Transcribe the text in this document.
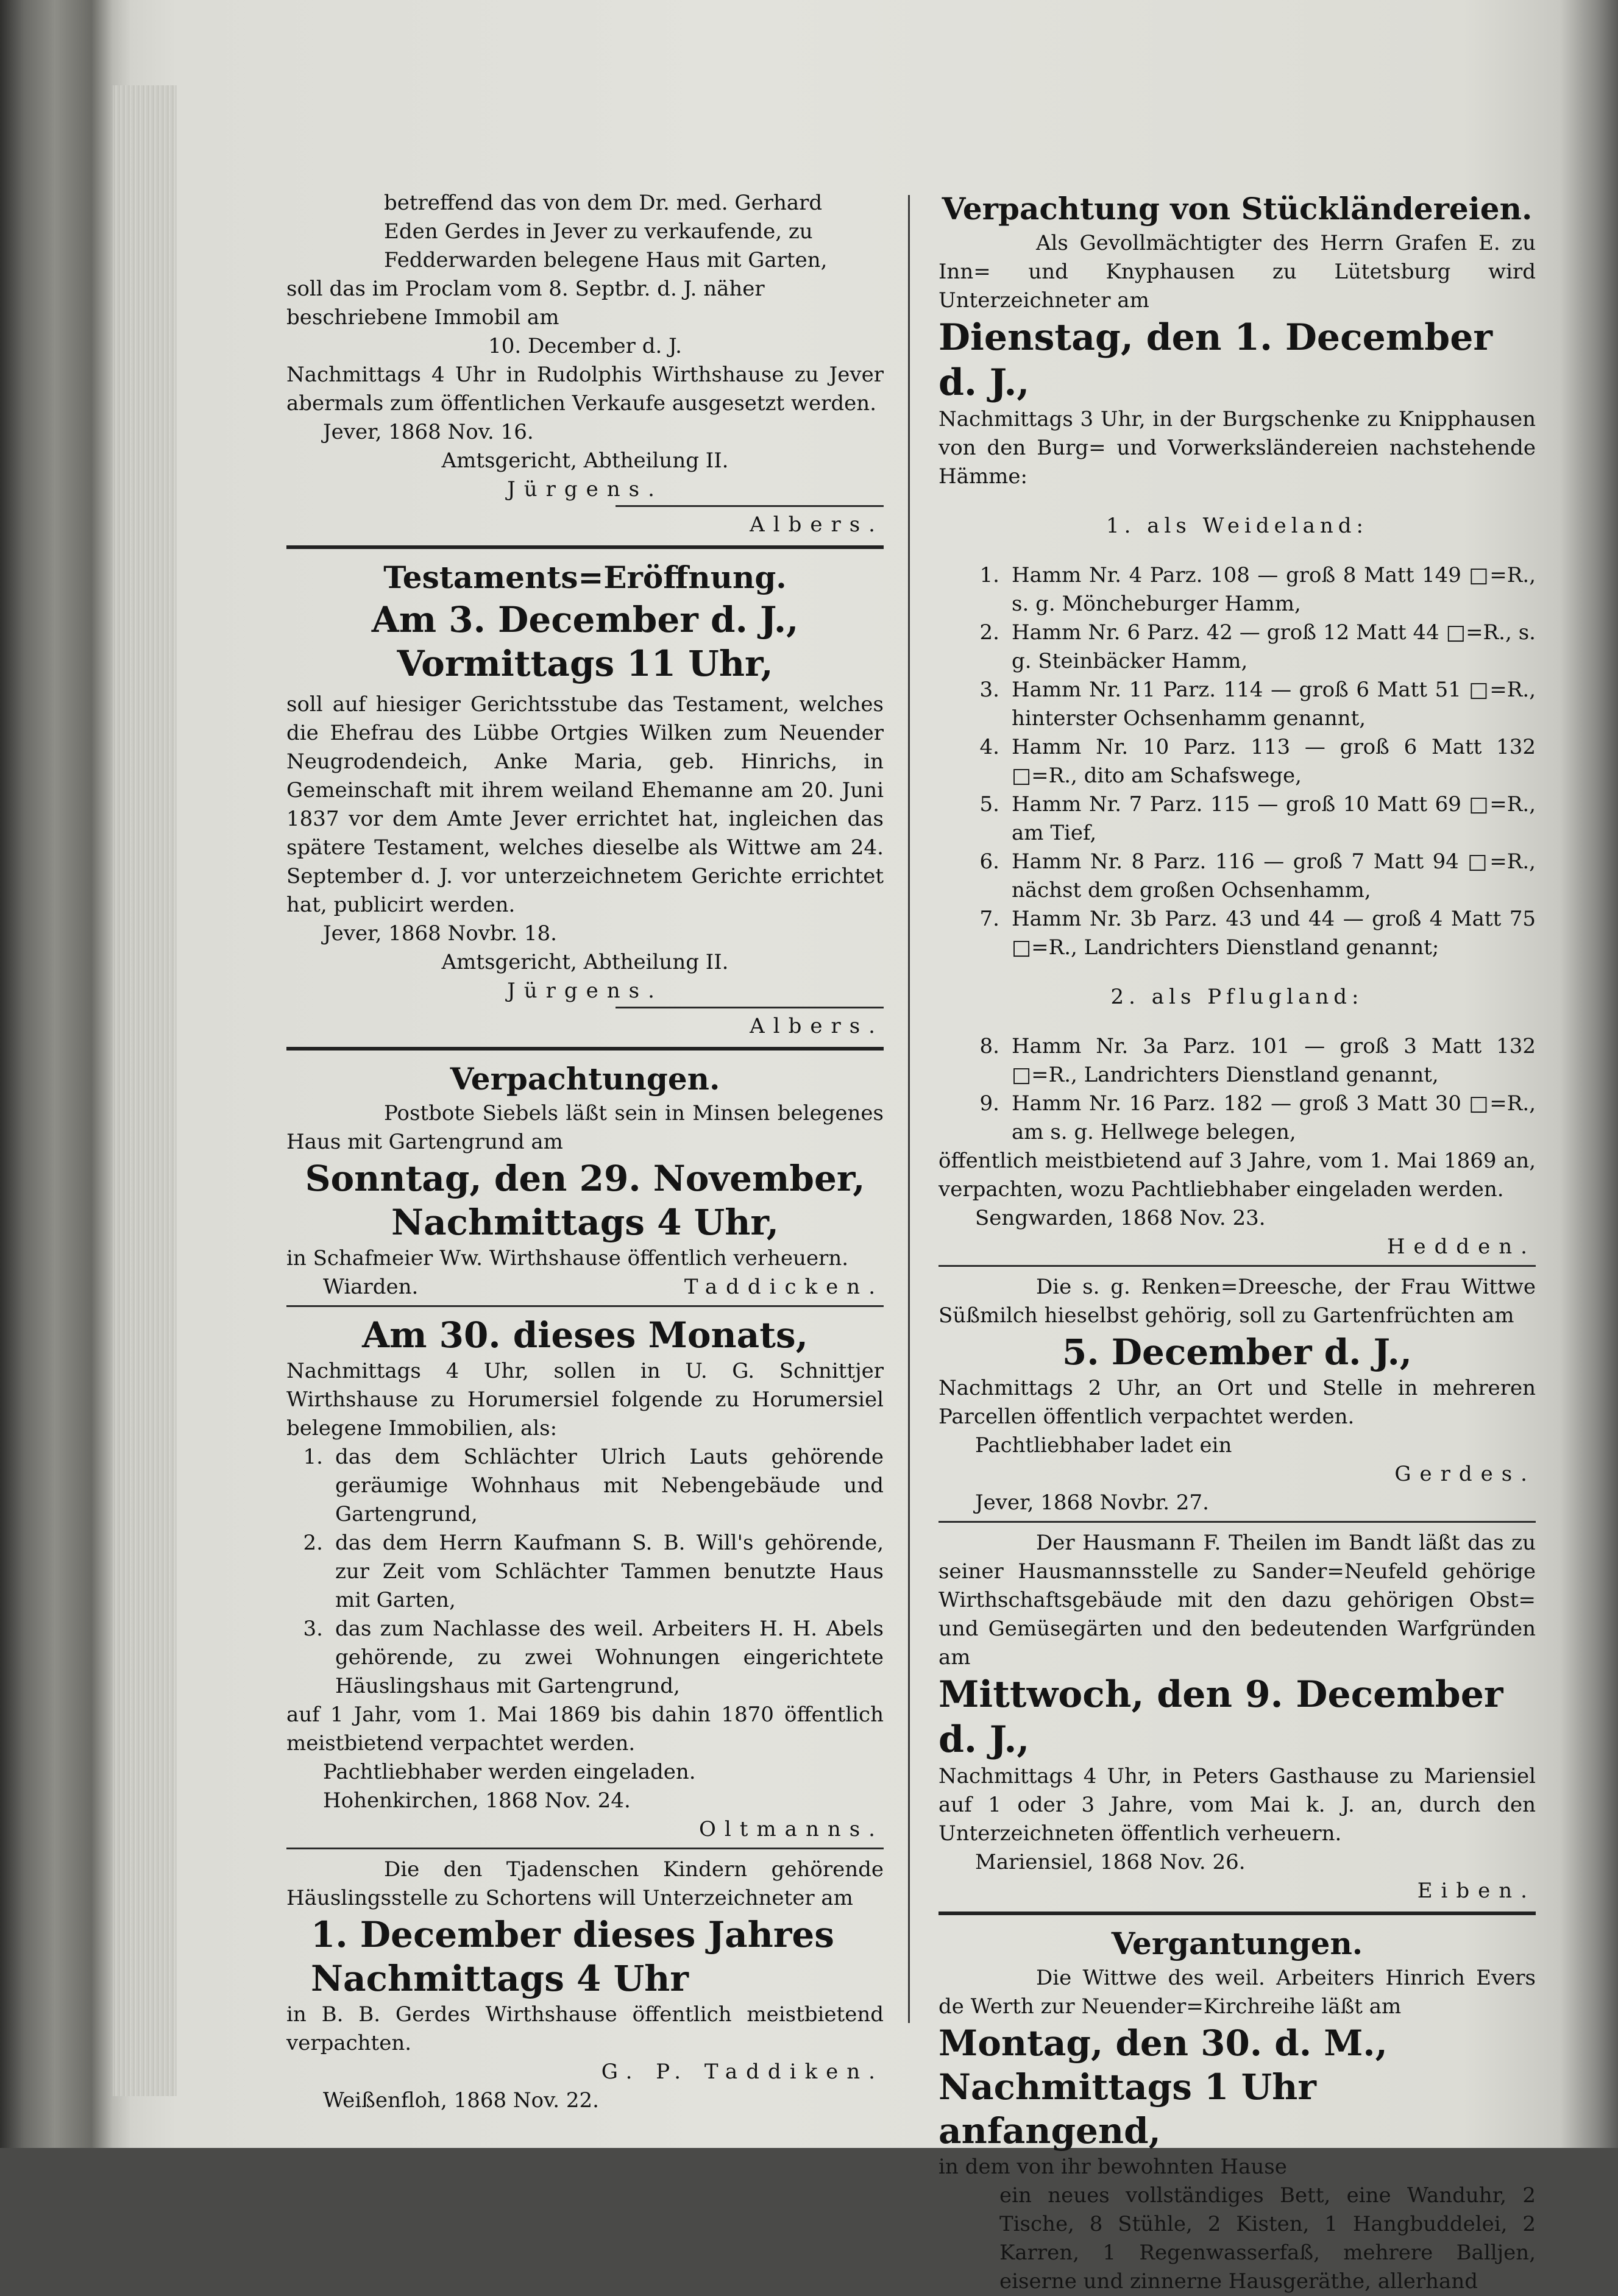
betreffend das von dem Dr. med. Gerhard

Eden Gerdes in Jever zu verkaufende, zu

Fedderwarden belegene Haus mit Garten,

soll das im Proclam vom 8. Septbr. d. J. näher

beschriebene Immobil am

10. December d. J.

Nachmittags 4 Uhr in Rudolphis Wirthshause zu Jever abermals zum öffentlichen Verkaufe ausgesetzt werden.

Jever, 1868 Nov. 16.

Amtsgericht, Abtheilung II.

Jürgens.

Albers.

Testaments=Eröffnung.

Am 3. December d. J.,

Vormittags 11 Uhr,

soll auf hiesiger Gerichtsstube das Testament, welches die Ehefrau des Lübbe Ortgies Wilken zum Neuender Neugrodendeich, Anke Maria, geb. Hinrichs, in Gemeinschaft mit ihrem weiland Ehemanne am 20. Juni 1837 vor dem Amte Jever errichtet hat, ingleichen das spätere Testament, welches dieselbe als Wittwe am 24. September d. J. vor unterzeichnetem Gerichte errichtet hat, publicirt werden.

Jever, 1868 Novbr. 18.

Amtsgericht, Abtheilung II.

Jürgens.

Albers.

Verpachtungen.

Postbote Siebels läßt sein in Minsen belegenes Haus mit Gartengrund am

Sonntag, den 29. November,

Nachmittags 4 Uhr,

in Schafmeier Ww. Wirthshause öffentlich verheuern.

Wiarden.	Taddicken.

Am 30. dieses Monats,

Nachmittags 4 Uhr, sollen in U. G. Schnittjer Wirthshause zu Horumersiel folgende zu Horumersiel belegene Immobilien, als:

1. das dem Schlächter Ulrich Lauts gehörende geräumige Wohnhaus mit Nebengebäude und Gartengrund,
2. das dem Herrn Kaufmann S. B. Will's gehörende, zur Zeit vom Schlächter Tammen benutzte Haus mit Garten,
3. das zum Nachlasse des weil. Arbeiters H. H. Abels gehörende, zu zwei Wohnungen eingerichtete Häuslingshaus mit Gartengrund,

auf 1 Jahr, vom 1. Mai 1869 bis dahin 1870 öffentlich meistbietend verpachtet werden.

Pachtliebhaber werden eingeladen.

Hohenkirchen, 1868 Nov. 24.

Oltmanns.

Die den Tjadenschen Kindern gehörende Häuslingsstelle zu Schortens will Unterzeichneter am

1. December dieses Jahres Nachmittags 4 Uhr

in B. B. Gerdes Wirthshause öffentlich meistbietend verpachten.

G. P. Taddiken.

Weißenfloh, 1868 Nov. 22.

Verpachtung von Stückländereien.

Als Gevollmächtigter des Herrn Grafen E. zu Inn= und Knyphausen zu Lütetsburg wird Unterzeichneter am

Dienstag, den 1. December d. J.,

Nachmittags 3 Uhr, in der Burgschenke zu Knipphausen von den Burg= und Vorwerksländereien nachstehende Hämme:

1. als Weideland:

1. Hamm Nr. 4 Parz. 108 — groß 8 Matt 149 □=R., s. g. Möncheburger Hamm,
2. Hamm Nr. 6 Parz. 42 — groß 12 Matt 44 □=R., s. g. Steinbäcker Hamm,
3. Hamm Nr. 11 Parz. 114 — groß 6 Matt 51 □=R., hinterster Ochsenhamm genannt,
4. Hamm Nr. 10 Parz. 113 — groß 6 Matt 132 □=R., dito am Schafswege,
5. Hamm Nr. 7 Parz. 115 — groß 10 Matt 69 □=R., am Tief,
6. Hamm Nr. 8 Parz. 116 — groß 7 Matt 94 □=R., nächst dem großen Ochsenhamm,
7. Hamm Nr. 3b Parz. 43 und 44 — groß 4 Matt 75 □=R., Landrichters Dienstland genannt;

2. als Pflugland:

8. Hamm Nr. 3a Parz. 101 — groß 3 Matt 132 □=R., Landrichters Dienstland genannt,
9. Hamm Nr. 16 Parz. 182 — groß 3 Matt 30 □=R., am s. g. Hellwege belegen,

öffentlich meistbietend auf 3 Jahre, vom 1. Mai 1869 an, verpachten, wozu Pachtliebhaber eingeladen werden.

Sengwarden, 1868 Nov. 23.

Hedden.

Die s. g. Renken=Dreesche, der Frau Wittwe Süßmilch hieselbst gehörig, soll zu Gartenfrüchten am

5. December d. J.,

Nachmittags 2 Uhr, an Ort und Stelle in mehreren Parcellen öffentlich verpachtet werden.

Pachtliebhaber ladet ein

Gerdes.

Jever, 1868 Novbr. 27.

Der Hausmann F. Theilen im Bandt läßt das zu seiner Hausmannsstelle zu Sander=Neufeld gehörige Wirthschaftsgebäude mit den dazu gehörigen Obst= und Gemüsegärten und den bedeutenden Warfgründen am

Mittwoch, den 9. December d. J.,

Nachmittags 4 Uhr, in Peters Gasthause zu Mariensiel auf 1 oder 3 Jahre, vom Mai k. J. an, durch den Unterzeichneten öffentlich verheuern.

Mariensiel, 1868 Nov. 26.

Eiben.

Vergantungen.

Die Wittwe des weil. Arbeiters Hinrich Evers de Werth zur Neuender=Kirchreihe läßt am

Montag, den 30. d. M., Nachmittags 1 Uhr anfangend,

in dem von ihr bewohnten Hause

ein neues vollständiges Bett, eine Wanduhr, 2 Tische, 8 Stühle, 2 Kisten, 1 Hangbuddelei, 2 Karren, 1 Regenwasserfaß, mehrere Balljen, eiserne und zinnerne Hausgeräthe, allerhand
